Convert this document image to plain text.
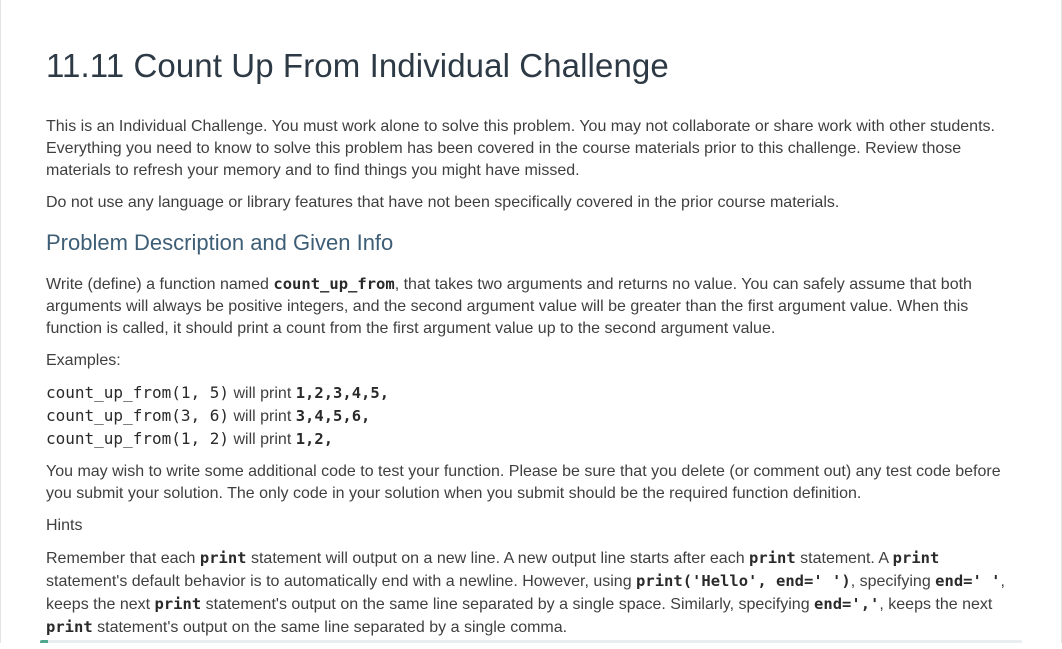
11.11 Count Up From Individual Challenge

This is an Individual Challenge. You must work alone to solve this problem. You may not collaborate or share work with other students. Everything you need to know to solve this problem has been covered in the course materials prior to this challenge. Review those materials to refresh your memory and to find things you might have missed.

Do not use any language or library features that have not been specifically covered in the prior course materials.

Problem Description and Given Info

Write (define) a function named count_up_from, that takes two arguments and returns no value. You can safely assume that both arguments will always be positive integers, and the second argument value will be greater than the first argument value. When this function is called, it should print a count from the first argument value up to the second argument value.

Examples:

count_up_from(1, 5) will print 1,2,3,4,5,
count_up_from(3, 6) will print 3,4,5,6,
count_up_from(1, 2) will print 1,2,

You may wish to write some additional code to test your function. Please be sure that you delete (or comment out) any test code before you submit your solution. The only code in your solution when you submit should be the required function definition.

Hints

Remember that each print statement will output on a new line. A new output line starts after each print statement. A print statement's default behavior is to automatically end with a newline. However, using print('Hello', end=' '), specifying end=' ', keeps the next print statement's output on the same line separated by a single space. Similarly, specifying end=',', keeps the next print statement's output on the same line separated by a single comma.
